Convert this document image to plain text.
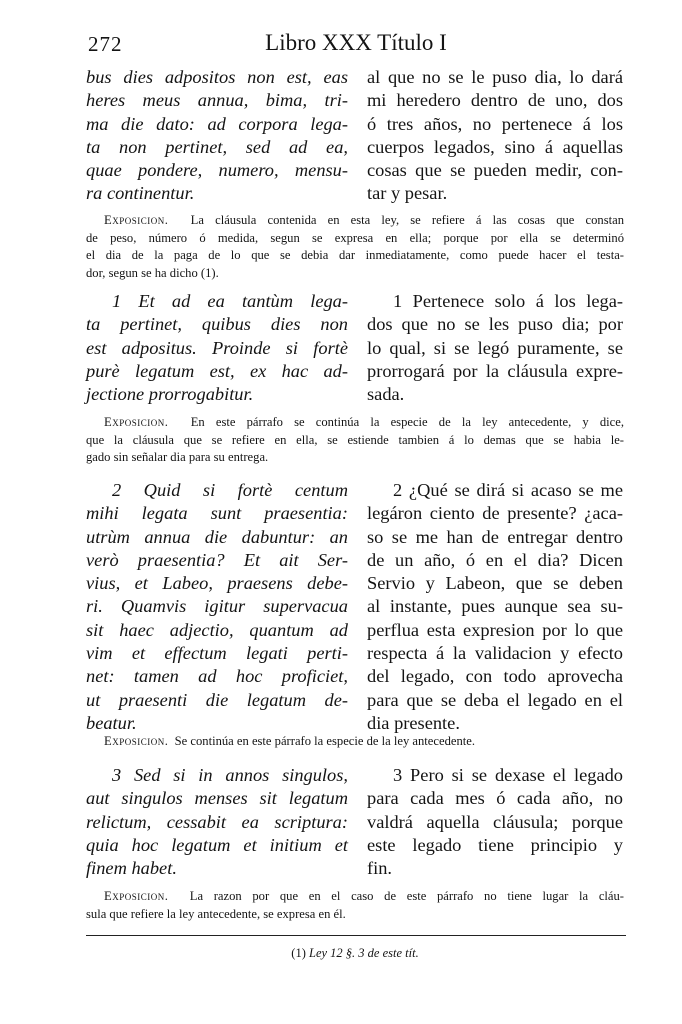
272	Libro XXX Título I
bus dies adpositos non est, eas
heres meus annua, bima, tri-
ma die dato: ad corpora lega-
ta non pertinet, sed ad ea,
quae pondere, numero, mensu-
ra continentur.
al que no se le puso dia, lo dará
mi heredero dentro de uno, dos
ó tres años, no pertenece á los
cuerpos legados, sino á aquellas
cosas que se pueden medir, con-
tar y pesar.
Exposicion. La cláusula contenida en esta ley, se refiere á las cosas que constan
de peso, número ó medida, segun se expresa en ella; porque por ella se determinó
el dia de la paga de lo que se debia dar inmediatamente, como puede hacer el testa-
dor, segun se ha dicho (1).
1 Et ad ea tantùm lega-
ta pertinet, quibus dies non
est adpositus. Proinde si fortè
purè legatum est, ex hac ad-
jectione prorrogabitur.
1 Pertenece solo á los lega-
dos que no se les puso dia; por
lo qual, si se legó puramente, se
prorrogará por la cláusula expre-
sada.
Exposicion. En este párrafo se continúa la especie de la ley antecedente, y dice,
que la cláusula que se refiere en ella, se estiende tambien á lo demas que se habia le-
gado sin señalar dia para su entrega.
2 Quid si fortè centum
mihi legata sunt praesentia:
utrùm annua die dabuntur: an
verò praesentia? Et ait Ser-
vius, et Labeo, praesens debe-
ri. Quamvis igitur supervacua
sit haec adjectio, quantum ad
vim et effectum legati perti-
net: tamen ad hoc proficiet,
ut praesenti die legatum de-
beatur.
2 ¿Qué se dirá si acaso se me
legáron ciento de presente? ¿aca-
so se me han de entregar dentro
de un año, ó en el dia? Dicen
Servio y Labeon, que se deben
al instante, pues aunque sea su-
perflua esta expresion por lo que
respecta á la validacion y efecto
del legado, con todo aprovecha
para que se deba el legado en el
dia presente.
Exposicion. Se continúa en este párrafo la especie de la ley antecedente.
3 Sed si in annos singulos,
aut singulos menses sit legatum
relictum, cessabit ea scriptura:
quia hoc legatum et initium et
finem habet.
3 Pero si se dexase el legado
para cada mes ó cada año, no
valdrá aquella cláusula; porque
este legado tiene principio y
fin.
Exposicion. La razon por que en el caso de este párrafo no tiene lugar la cláu-
sula que refiere la ley antecedente, se expresa en él.
(1) Ley 12 §. 3 de este tít.
